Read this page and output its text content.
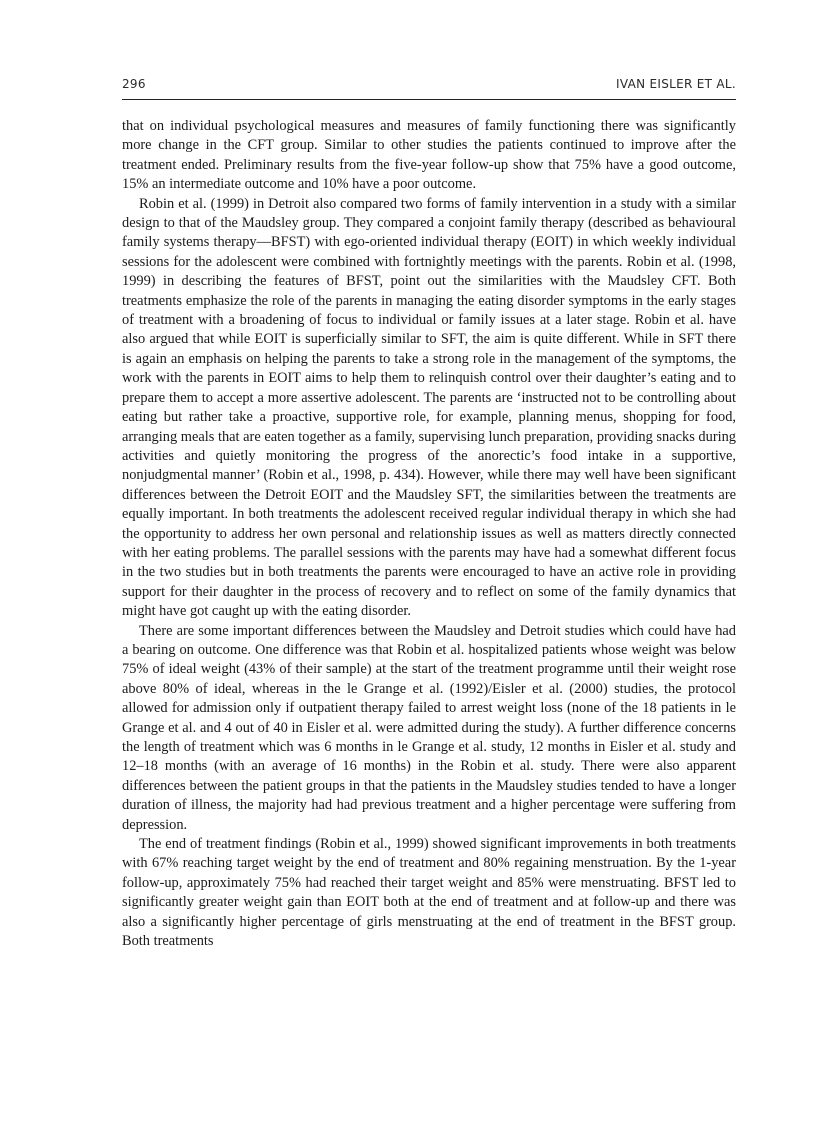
296	IVAN EISLER ET AL.

that on individual psychological measures and measures of family functioning there was significantly more change in the CFT group. Similar to other studies the patients continued to improve after the treatment ended. Preliminary results from the five-year follow-up show that 75% have a good outcome, 15% an intermediate outcome and 10% have a poor outcome.

Robin et al. (1999) in Detroit also compared two forms of family intervention in a study with a similar design to that of the Maudsley group. They compared a conjoint family therapy (described as behavioural family systems therapy—BFST) with ego-oriented individual therapy (EOIT) in which weekly individual sessions for the adolescent were combined with fortnightly meetings with the parents. Robin et al. (1998, 1999) in describing the features of BFST, point out the similarities with the Maudsley CFT. Both treatments emphasize the role of the parents in managing the eating disorder symptoms in the early stages of treatment with a broadening of focus to individual or family issues at a later stage. Robin et al. have also argued that while EOIT is superficially similar to SFT, the aim is quite different. While in SFT there is again an emphasis on helping the parents to take a strong role in the management of the symptoms, the work with the parents in EOIT aims to help them to relinquish control over their daughter’s eating and to prepare them to accept a more assertive adolescent. The parents are ‘instructed not to be controlling about eating but rather take a proactive, supportive role, for example, planning menus, shopping for food, arranging meals that are eaten together as a family, supervising lunch preparation, providing snacks during activities and quietly monitoring the progress of the anorectic’s food intake in a supportive, nonjudgmental manner’ (Robin et al., 1998, p. 434). However, while there may well have been significant differences between the Detroit EOIT and the Maudsley SFT, the similarities between the treatments are equally important. In both treatments the adolescent received regular individual therapy in which she had the opportunity to address her own personal and relationship issues as well as matters directly connected with her eating problems. The parallel sessions with the parents may have had a somewhat different focus in the two studies but in both treatments the parents were encouraged to have an active role in providing support for their daughter in the process of recovery and to reflect on some of the family dynamics that might have got caught up with the eating disorder.

There are some important differences between the Maudsley and Detroit studies which could have had a bearing on outcome. One difference was that Robin et al. hospitalized patients whose weight was below 75% of ideal weight (43% of their sample) at the start of the treatment programme until their weight rose above 80% of ideal, whereas in the le Grange et al. (1992)/Eisler et al. (2000) studies, the protocol allowed for admission only if outpatient therapy failed to arrest weight loss (none of the 18 patients in le Grange et al. and 4 out of 40 in Eisler et al. were admitted during the study). A further difference concerns the length of treatment which was 6 months in le Grange et al. study, 12 months in Eisler et al. study and 12–18 months (with an average of 16 months) in the Robin et al. study. There were also apparent differences between the patient groups in that the patients in the Maudsley studies tended to have a longer duration of illness, the majority had had previous treatment and a higher percentage were suffering from depression.

The end of treatment findings (Robin et al., 1999) showed significant improvements in both treatments with 67% reaching target weight by the end of treatment and 80% regaining menstruation. By the 1-year follow-up, approximately 75% had reached their target weight and 85% were menstruating. BFST led to significantly greater weight gain than EOIT both at the end of treatment and at follow-up and there was also a significantly higher percentage of girls menstruating at the end of treatment in the BFST group. Both treatments
